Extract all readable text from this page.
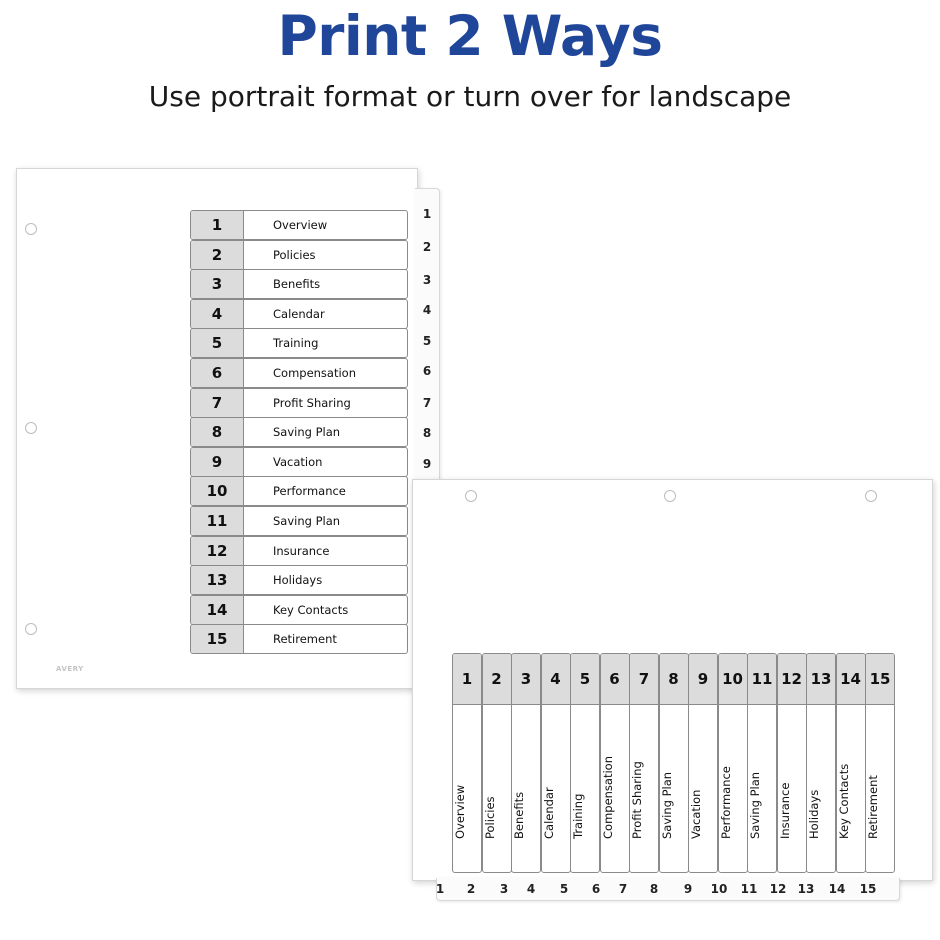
Print 2 Ways
Use portrait format or turn over for landscape
AVERY
1	Overview
2	Policies
3	Benefits
4	Calendar
5	Training
6	Compensation
7	Profit Sharing
8	Saving Plan
9	Vacation
10	Performance
11	Saving Plan
12	Insurance
13	Holidays
14	Key Contacts
15	Retirement
1
2
3
4
5
6
7
8
9
1
Overview
2
Policies
3
Benefits
4
Calendar
5
Training
6
Compensation
7
Profit Sharing
8
Saving Plan
9
Vacation
10
Performance
11
Saving Plan
12
Insurance
13
Holidays
14
Key Contacts
15
Retirement
1	2	3	4	5	6	7	8	9	10	11	12 13	14	15
